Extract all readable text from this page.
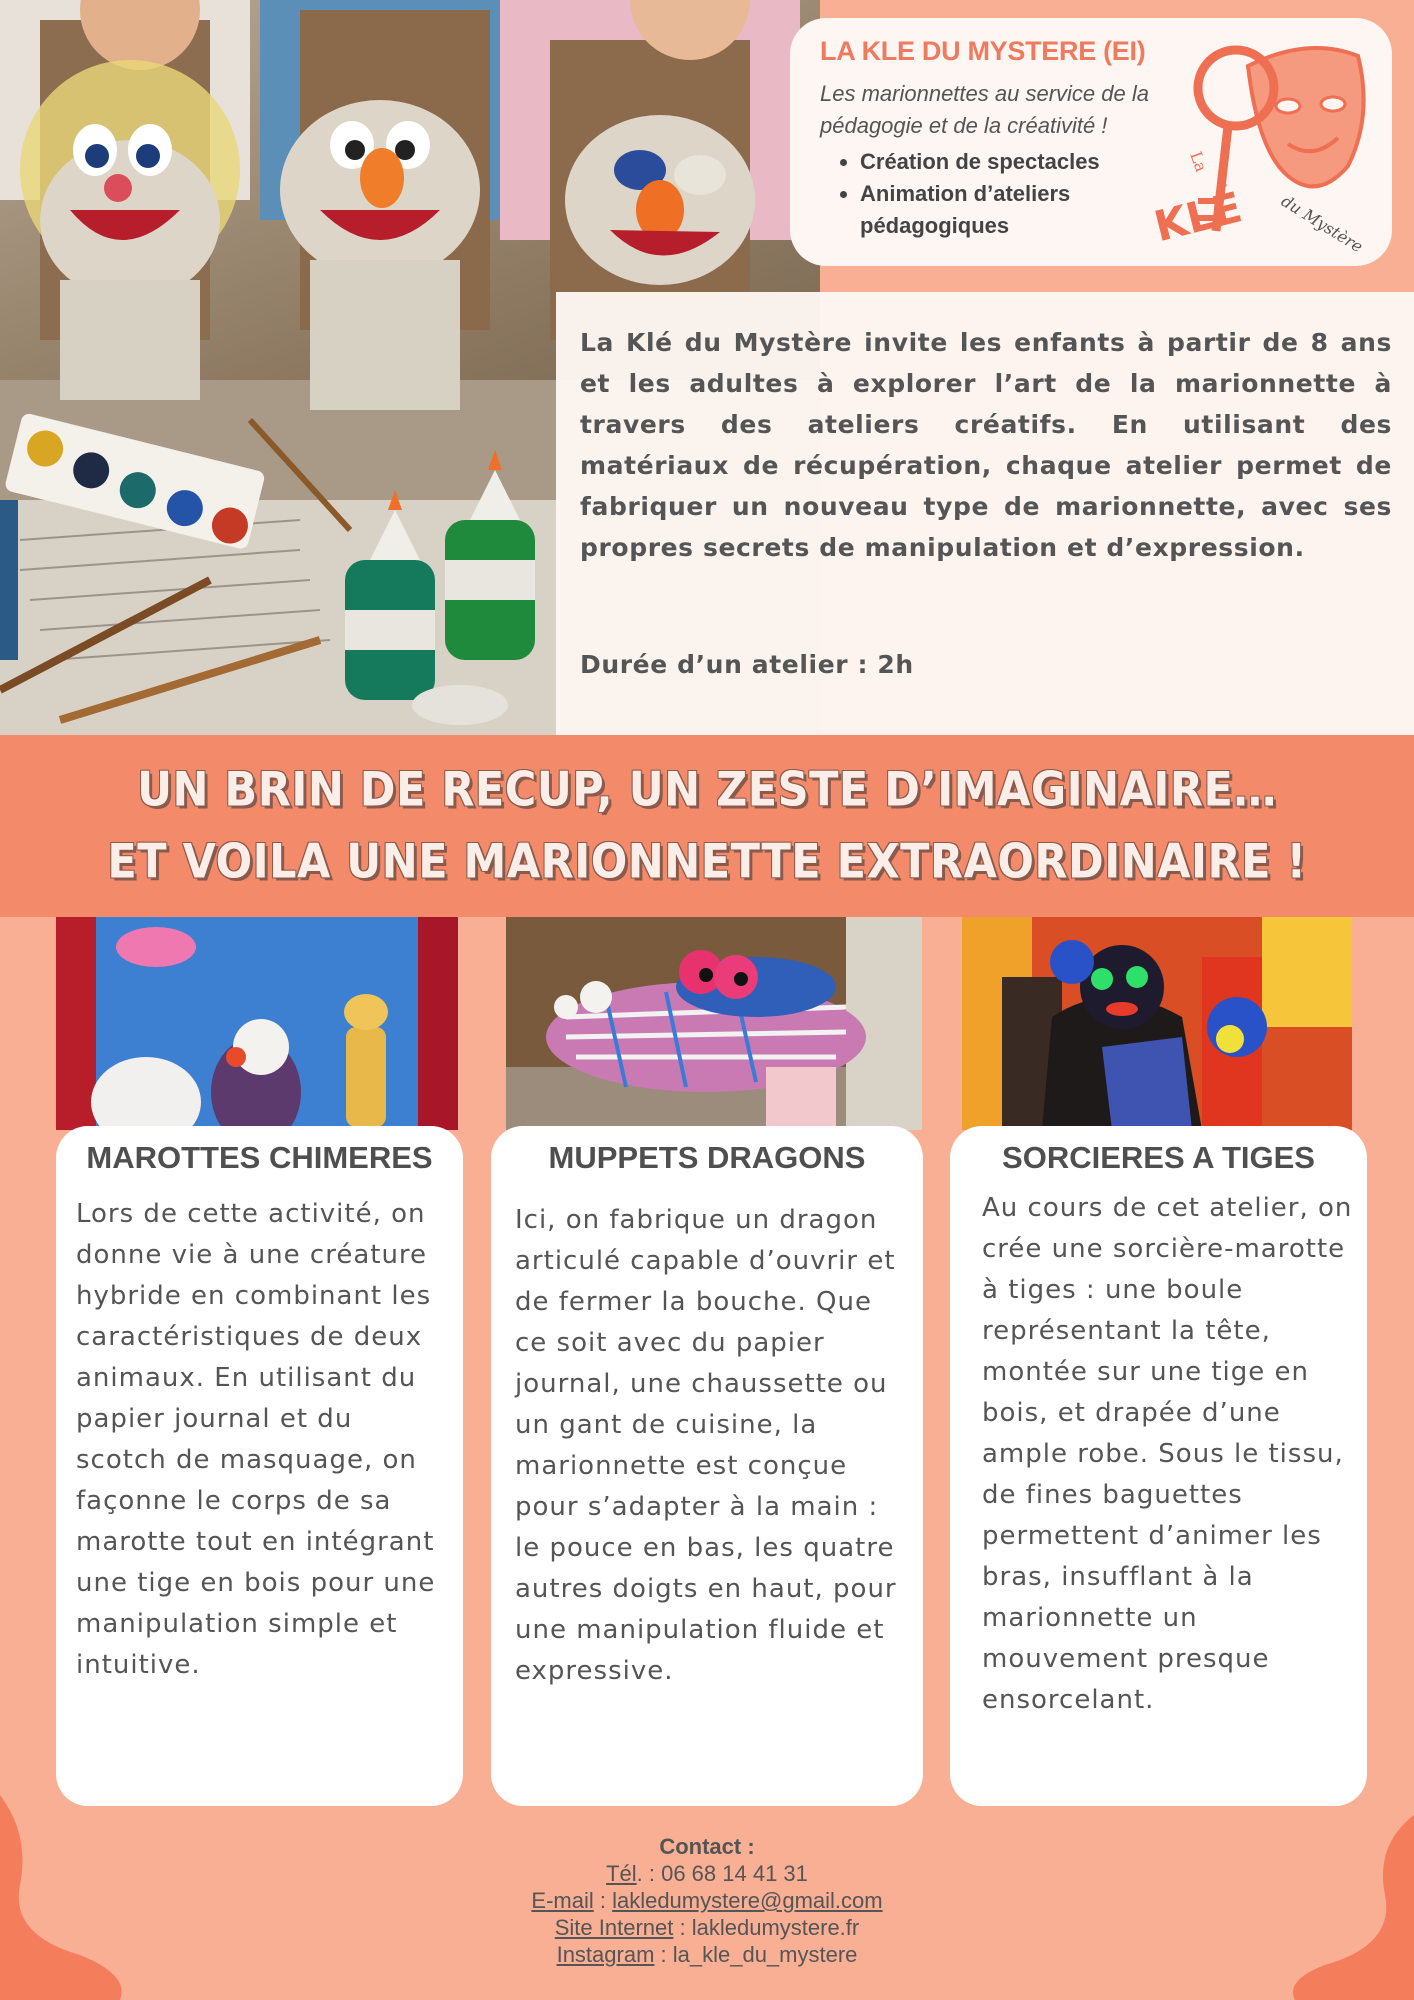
LA KLE DU MYSTERE (EI)
Les marionnettes au service de la pédagogie et de la créativité !
• Création de spectacles
• Animation d’ateliers pédagogiques
La
KLÉ du Mystère

La Klé du Mystère invite les enfants à partir de 8 ans et les adultes à explorer l’art de la marionnette à travers des ateliers créatifs. En utilisant des matériaux de récupération, chaque atelier permet de fabriquer un nouveau type de marionnette, avec ses propres secrets de manipulation et d’expression.

Durée d’un atelier : 2h

UN BRIN DE RECUP, UN ZESTE D’IMAGINAIRE…
ET VOILA UNE MARIONNETTE EXTRAORDINAIRE !
MAROTTES CHIMERES

Lors de cette activité, on donne vie à une créature hybride en combinant les caractéristiques de deux animaux. En utilisant du papier journal et du scotch de masquage, on façonne le corps de sa marotte tout en intégrant une tige en bois pour une manipulation simple et intuitive.

MUPPETS DRAGONS

Ici, on fabrique un dragon articulé capable d’ouvrir et de fermer la bouche. Que ce soit avec du papier journal, une chaussette ou un gant de cuisine, la marionnette est conçue pour s’adapter à la main : le pouce en bas, les quatre autres doigts en haut, pour une manipulation fluide et expressive.

SORCIERES A TIGES

Au cours de cet atelier, on crée une sorcière-marotte à tiges : une boule représentant la tête, montée sur une tige en bois, et drapée d’une ample robe. Sous le tissu, de fines baguettes permettent d’animer les bras, insufflant à la marionnette un mouvement presque ensorcelant.

Contact :
Tél. : 06 68 14 41 31
E-mail : lakledumystere@gmail.com
Site Internet : lakledumystere.fr
Instagram : la_kle_du_mystere
